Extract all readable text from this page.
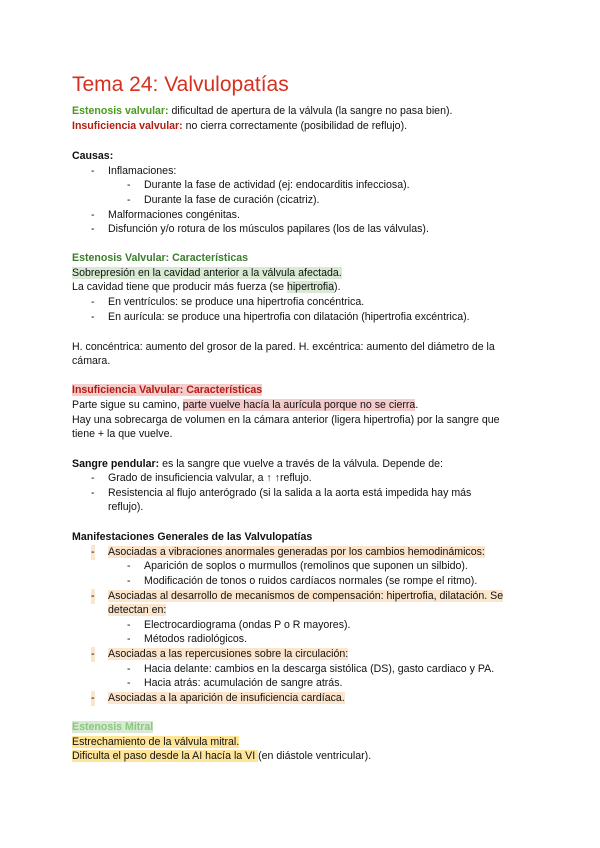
Tema 24: Valvulopatías
Estenosis valvular: dificultad de apertura de la válvula (la sangre no pasa bien).
Insuficiencia valvular: no cierra correctamente (posibilidad de reflujo).
Causas:
- Inflamaciones:
- Durante la fase de actividad (ej: endocarditis infecciosa).
- Durante la fase de curación (cicatriz).
- Malformaciones congénitas.
- Disfunción y/o rotura de los músculos papilares (los de las válvulas).
Estenosis Valvular: Características
Sobrepresión en la cavidad anterior a la válvula afectada.
La cavidad tiene que producir más fuerza (se hipertrofia).
- En ventrículos: se produce una hipertrofia concéntrica.
- En aurícula: se produce una hipertrofia con dilatación (hipertrofia excéntrica).
H. concéntrica: aumento del grosor de la pared. H. excéntrica: aumento del diámetro de la
cámara.
Insuficiencia Valvular: Características
Parte sigue su camino, parte vuelve hacía la aurícula porque no se cierra.
Hay una sobrecarga de volumen en la cámara anterior (ligera hipertrofia) por la sangre que
tiene + la que vuelve.
Sangre pendular: es la sangre que vuelve a través de la válvula. Depende de:
- Grado de insuficiencia valvular, a ↑ ↑reflujo.
- Resistencia al flujo anterógrado (si la salida a la aorta está impedida hay más
reflujo).
Manifestaciones Generales de las Valvulopatías
- Asociadas a vibraciones anormales generadas por los cambios hemodinámicos:
- Aparición de soplos o murmullos (remolinos que suponen un silbido).
- Modificación de tonos o ruidos cardíacos normales (se rompe el ritmo).
- Asociadas al desarrollo de mecanismos de compensación: hipertrofia, dilatación. Se
detectan en:
- Electrocardiograma (ondas P o R mayores).
- Métodos radiológicos.
- Asociadas a las repercusiones sobre la circulación:
- Hacia delante: cambios en la descarga sistólica (DS), gasto cardiaco y PA.
- Hacia atrás: acumulación de sangre atrás.
- Asociadas a la aparición de insuficiencia cardíaca.
Estenosis Mitral
Estrechamiento de la válvula mitral.
Dificulta el paso desde la AI hacía la VI (en diástole ventricular).
